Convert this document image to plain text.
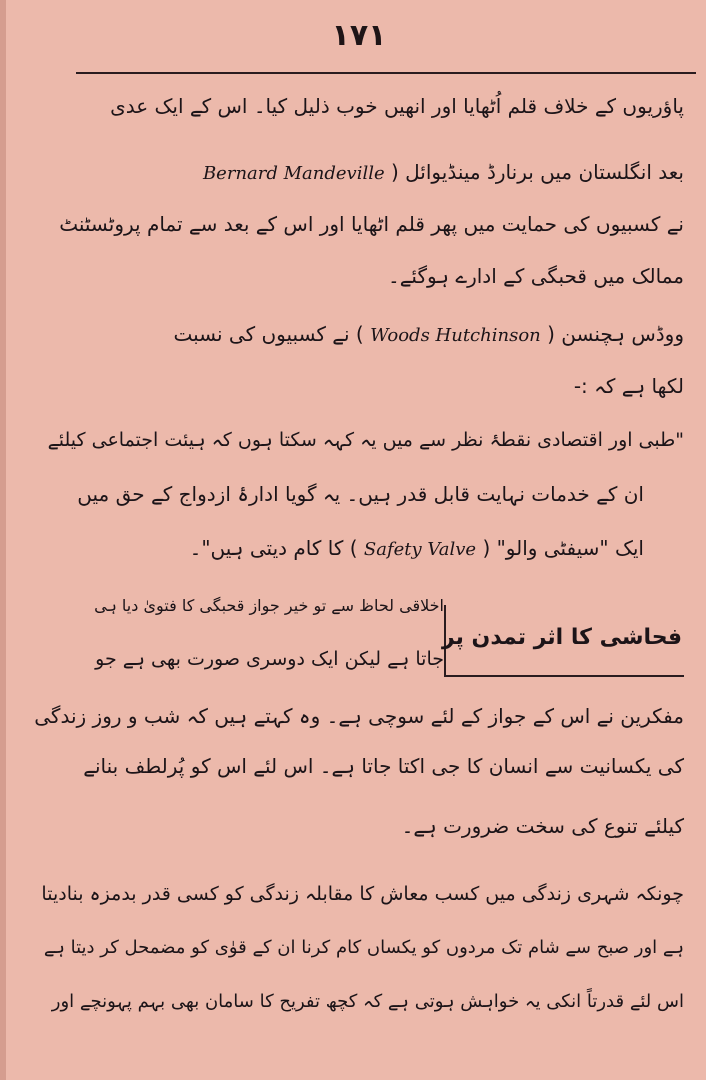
۱۷۱
پاؤریوں کے خلاف قلم اُٹھایا اور انھیں خوب ذلیل کیا۔ اس کے ایک عدی
بعد انگلستان میں برنارڈ مینڈیوائل ( Bernard Mandeville
نے کسبیوں کی حمایت میں پھر قلم اٹھایا اور اس کے بعد سے تمام پروٹسٹنٹ
ممالک میں قحبگی کے ادارے ہوگئے۔
ووڈس ہچنسن ( Woods Hutchinson ) نے کسبیوں کی نسبت
لکھا ہے کہ :-
"طبی اور اقتصادی نقطۂ نظر سے میں یہ کہہ سکتا ہوں کہ ہیئت اجتماعی کیلئے
ان کے خدمات نہایت قابل قدر ہیں۔ یہ گویا ادارۂ ازدواج کے حق میں
ایک "سیفٹی والو" ( Safety Valve ) کا کام دیتی ہیں"۔
فحاشی کا اثر تمدن پر
اخلاقی لحاظ سے تو خیر جواز قحبگی کا فتویٰ دیا ہی
جاتا ہے لیکن ایک دوسری صورت بھی ہے جو
مفکرین نے اس کے جواز کے لئے سوچی ہے۔ وہ کہتے ہیں کہ شب و روز زندگی
کی یکسانیت سے انسان کا جی اکتا جاتا ہے۔ اس لئے اس کو پُرلطف بنانے
کیلئے تنوع کی سخت ضرورت ہے۔
چونکہ شہری زندگی میں کسب معاش کا مقابلہ زندگی کو کسی قدر بدمزہ بنادیتا
ہے اور صبح سے شام تک مردوں کو یکساں کام کرنا ان کے قوٰی کو مضمحل کر دیتا ہے
اس لئے قدرتاً انکی یہ خواہش ہوتی ہے کہ کچھ تفریح کا سامان بھی بہم پہونچے اور
